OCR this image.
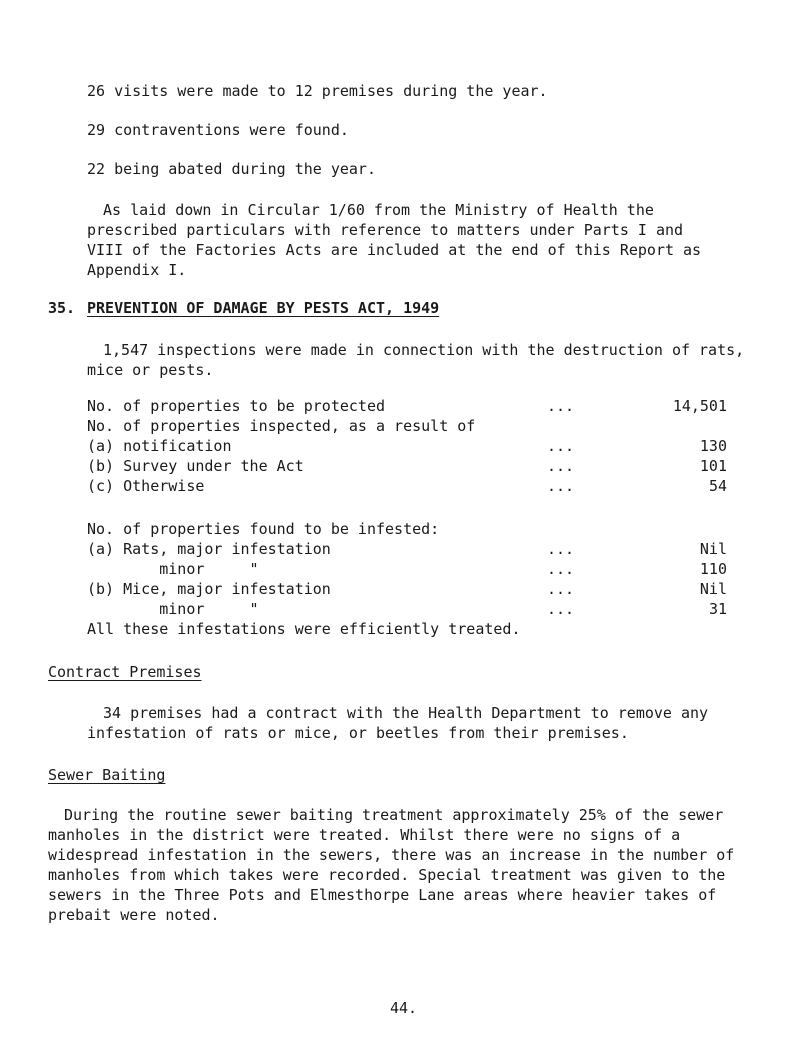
26 visits were made to 12 premises during the year.
29 contraventions were found.
22 being abated during the year.

As laid down in Circular 1/60 from the Ministry of Health the prescribed particulars with reference to matters under Parts I and VIII of the Factories Acts are included at the end of this Report as Appendix I.

35. PREVENTION OF DAMAGE BY PESTS ACT, 1949

1,547 inspections were made in connection with the destruction of rats, mice or pests.

No. of properties to be protected	...	14,501
No. of properties inspected, as a result of
(a) notification	...	130
(b) Survey under the Act	...	101
(c) Otherwise	...	54
No. of properties found to be infested:
(a) Rats, major infestation	...	Nil
minor     "	...	110
(b) Mice, major infestation	...	Nil
minor     "	...	31
All these infestations were efficiently treated.
Contract Premises

34 premises had a contract with the Health Department to remove any infestation of rats or mice, or beetles from their premises.

Sewer Baiting

During the routine sewer baiting treatment approximately 25% of the sewer manholes in the district were treated. Whilst there were no signs of a widespread infestation in the sewers, there was an increase in the number of manholes from which takes were recorded. Special treatment was given to the sewers in the Three Pots and Elmesthorpe Lane areas where heavier takes of prebait were noted.

44.
